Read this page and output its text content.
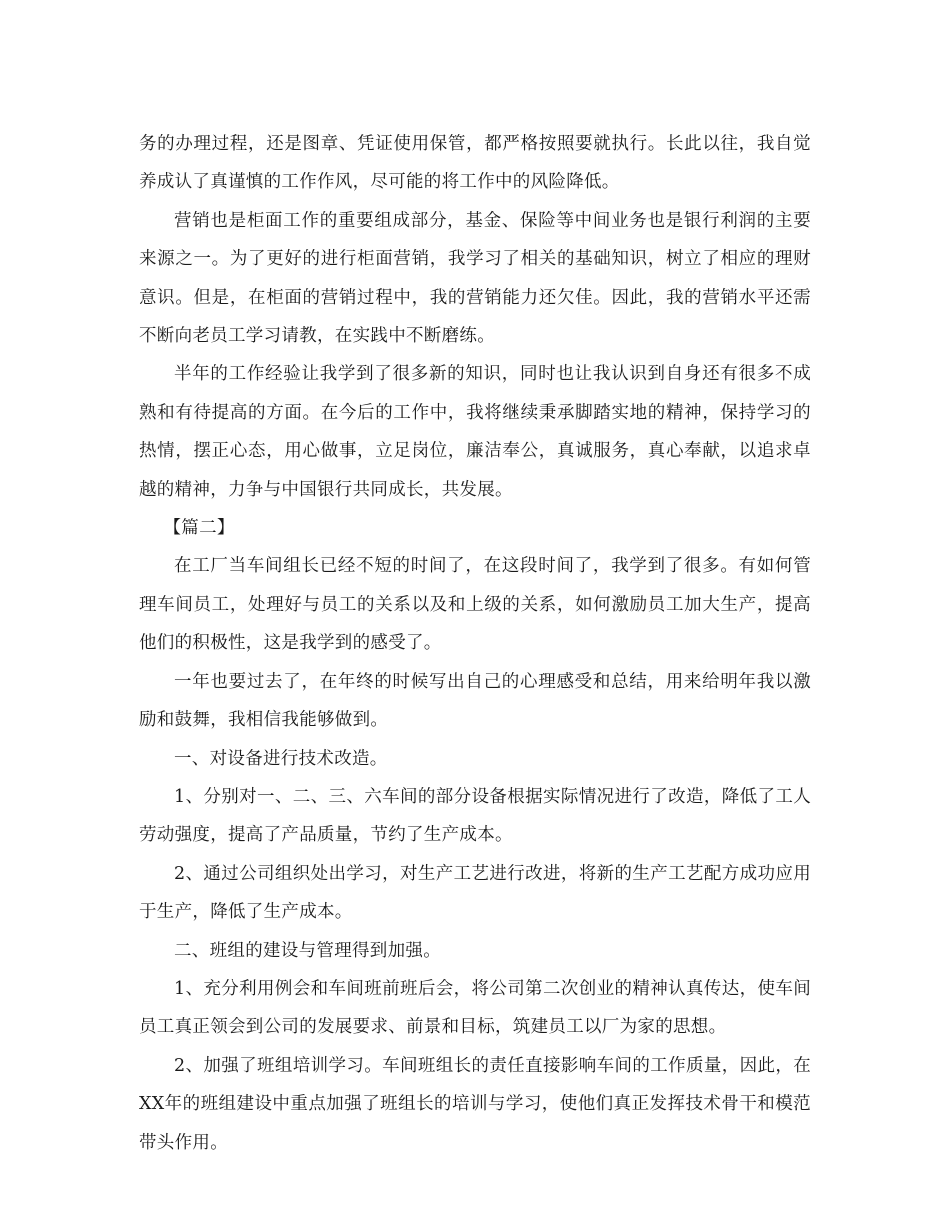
务的办理过程，还是图章、凭证使用保管，都严格按照要就执行。长此以往，我自觉养成认了真谨慎的工作作风，尽可能的将工作中的风险降低。

营销也是柜面工作的重要组成部分，基金、保险等中间业务也是银行利润的主要来源之一。为了更好的进行柜面营销，我学习了相关的基础知识，树立了相应的理财意识。但是，在柜面的营销过程中，我的营销能力还欠佳。因此，我的营销水平还需不断向老员工学习请教，在实践中不断磨练。

半年的工作经验让我学到了很多新的知识，同时也让我认识到自身还有很多不成熟和有待提高的方面。在今后的工作中，我将继续秉承脚踏实地的精神，保持学习的热情，摆正心态，用心做事，立足岗位，廉洁奉公，真诚服务，真心奉献，以追求卓越的精神，力争与中国银行共同成长，共发展。

【篇二】

在工厂当车间组长已经不短的时间了，在这段时间了，我学到了很多。有如何管理车间员工，处理好与员工的关系以及和上级的关系，如何激励员工加大生产，提高他们的积极性，这是我学到的感受了。

一年也要过去了，在年终的时候写出自己的心理感受和总结，用来给明年我以激励和鼓舞，我相信我能够做到。

一、对设备进行技术改造。

1、分别对一、二、三、六车间的部分设备根据实际情况进行了改造，降低了工人劳动强度，提高了产品质量，节约了生产成本。

2、通过公司组织处出学习，对生产工艺进行改进，将新的生产工艺配方成功应用于生产，降低了生产成本。

二、班组的建设与管理得到加强。

1、充分利用例会和车间班前班后会，将公司第二次创业的精神认真传达，使车间员工真正领会到公司的发展要求、前景和目标，筑建员工以厂为家的思想。

2、加强了班组培训学习。车间班组长的责任直接影响车间的工作质量，因此，在XX年的班组建设中重点加强了班组长的培训与学习，使他们真正发挥技术骨干和模范带头作用。
